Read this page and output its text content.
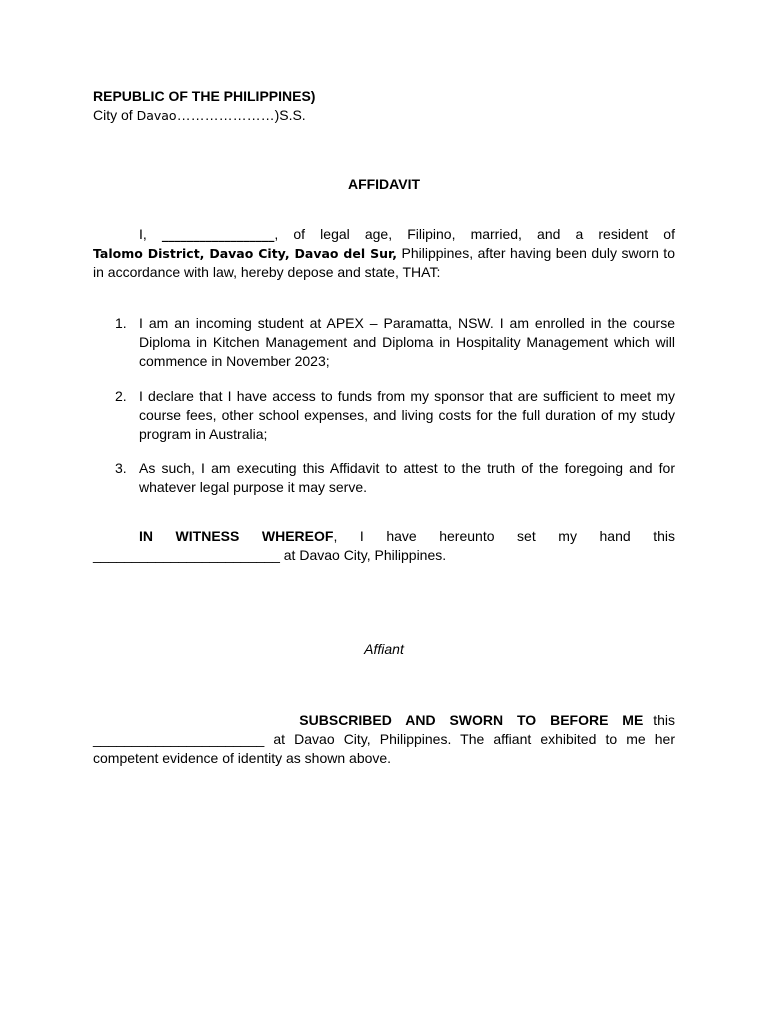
REPUBLIC OF THE PHILIPPINES)
City of Davao…………………)S.S.
AFFIDAVIT
I, __________________, of legal age, Filipino, married, and a resident of
Talomo District, Davao City, Davao del Sur, Philippines, after having been duly sworn to in accordance with law, hereby depose and state, THAT:
1. I am an incoming student at APEX – Paramatta, NSW. I am enrolled in the course Diploma in Kitchen Management and Diploma in Hospitality Management which will commence in November 2023;
2. I declare that I have access to funds from my sponsor that are sufficient to meet my course fees, other school expenses, and living costs for the full duration of my study program in Australia;
3. As such, I am executing this Affidavit to attest to the truth of the foregoing and for whatever legal purpose it may serve.
IN WITNESS WHEREOF, I have hereunto set my hand this
________________________ at Davao City, Philippines.
Affiant
SUBSCRIBED AND SWORN TO BEFORE ME this
______________________ at Davao City, Philippines. The affiant exhibited to me her competent evidence of identity as shown above.
